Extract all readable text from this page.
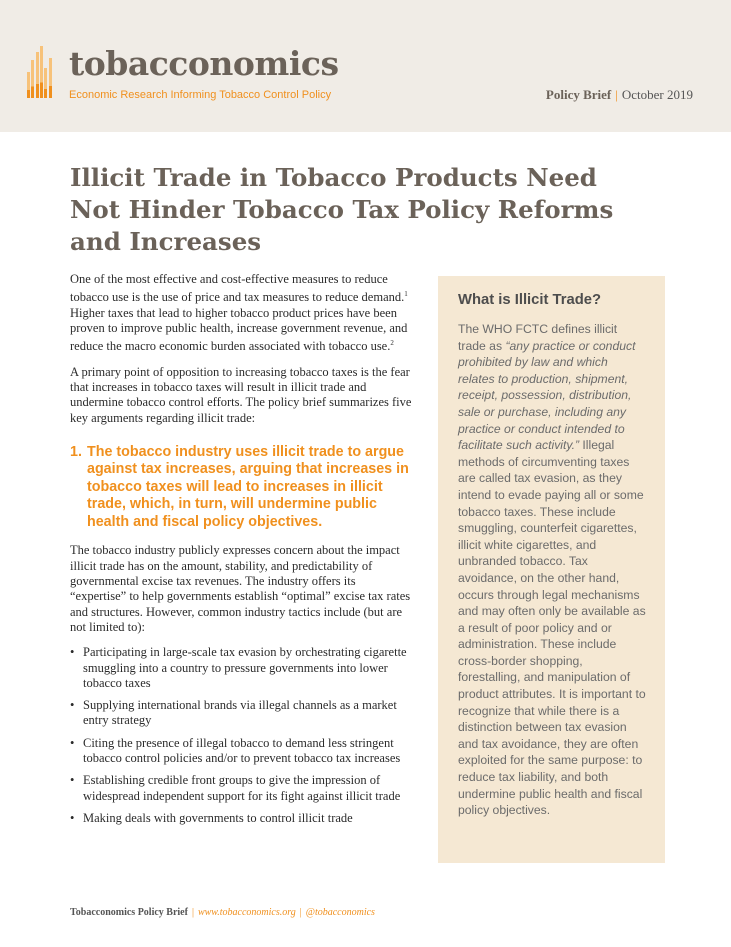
tobacconomics
Economic Research Informing Tobacco Control Policy	Policy Brief | October 2019
Illicit Trade in Tobacco Products Need Not Hinder Tobacco Tax Policy Reforms and Increases

One of the most effective and cost-effective measures to reduce tobacco use is the use of price and tax measures to reduce demand.$^1$ Higher taxes that lead to higher tobacco product prices have been proven to improve public health, increase government revenue, and reduce the macro economic burden associated with tobacco use.$^2$

A primary point of opposition to increasing tobacco taxes is the fear that increases in tobacco taxes will result in illicit trade and undermine tobacco control efforts. The policy brief summarizes five key arguments regarding illicit trade:

1. The tobacco industry uses illicit trade to argue against tax increases, arguing that increases in tobacco taxes will lead to increases in illicit trade, which, in turn, will undermine public health and fiscal policy objectives.

The tobacco industry publicly expresses concern about the impact illicit trade has on the amount, stability, and predictability of governmental excise tax revenues. The industry offers its “expertise” to help governments establish “optimal” excise tax rates and structures. However, common industry tactics include (but are not limited to):

• Participating in large-scale tax evasion by orchestrating cigarette smuggling into a country to pressure governments into lower tobacco taxes
• Supplying international brands via illegal channels as a market entry strategy
• Citing the presence of illegal tobacco to demand less stringent tobacco control policies and/or to prevent tobacco tax increases
• Establishing credible front groups to give the impression of widespread independent support for its fight against illicit trade
• Making deals with governments to control illicit trade
What is Illicit Trade?
The WHO FCTC defines illicit trade as “any practice or conduct prohibited by law and which relates to production, shipment, receipt, possession, distribution, sale or purchase, including any practice or conduct intended to facilitate such activity.” Illegal methods of circumventing taxes are called tax evasion, as they intend to evade paying all or some tobacco taxes. These include smuggling, counterfeit cigarettes, illicit white cigarettes, and unbranded tobacco. Tax avoidance, on the other hand, occurs through legal mechanisms and may often only be available as a result of poor policy and or administration. These include cross-border shopping, forestalling, and manipulation of product attributes. It is important to recognize that while there is a distinction between tax evasion and tax avoidance, they are often exploited for the same purpose: to reduce tax liability, and both undermine public health and fiscal policy objectives.
Tobacconomics Policy Brief | www.tobacconomics.org | @tobacconomics
